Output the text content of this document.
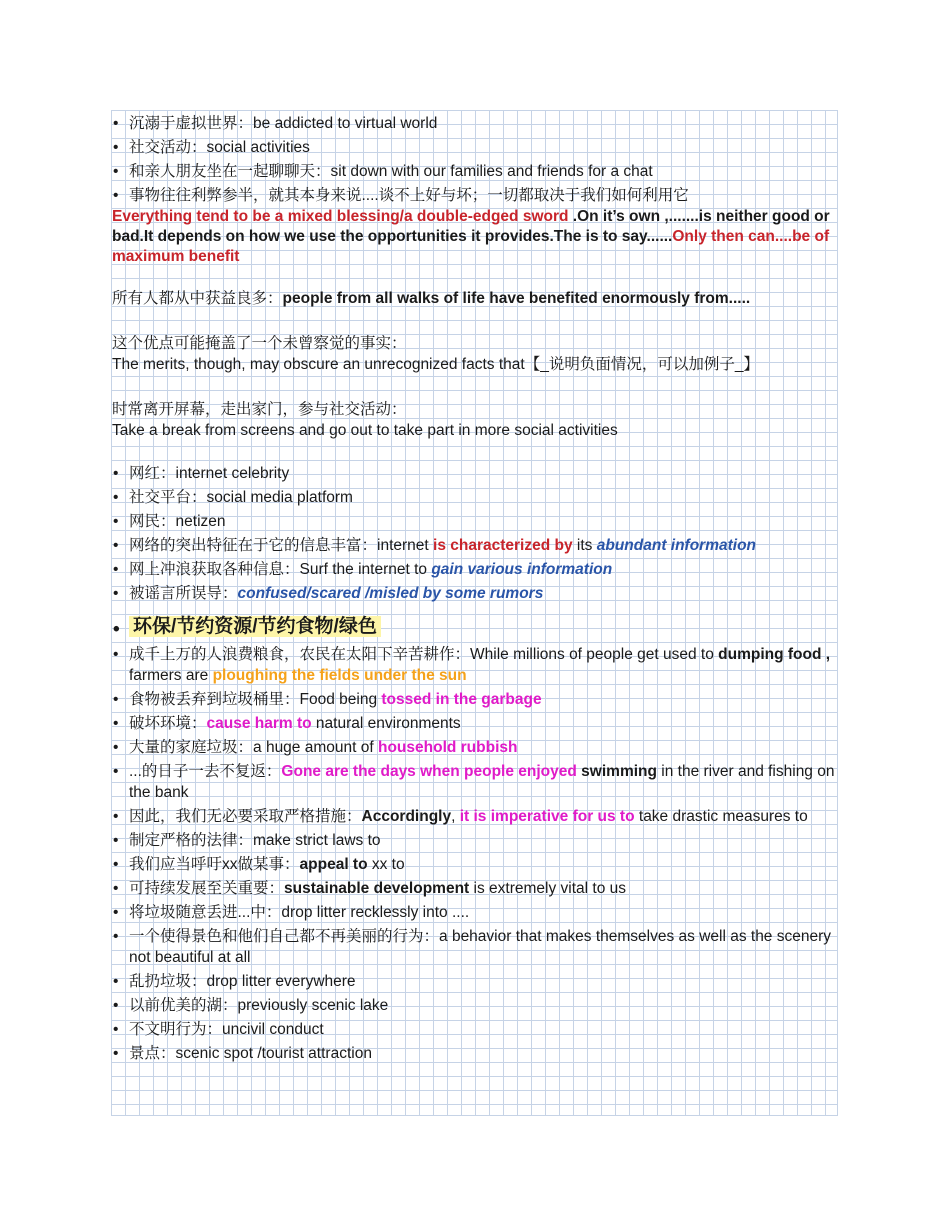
• 沉溺于虚拟世界：be addicted to virtual world
• 社交活动：social activities
• 和亲人朋友坐在一起聊聊天：sit down with our families and friends for a chat
• 事物往往利弊参半，就其本身来说....谈不上好与坏；一切都取决于我们如何利用它

Everything tend to be a mixed blessing/a double-edged sword .On it’s own ,.......is neither good or bad.It depends on how we use the opportunities it provides.The is to say......Only then can....be of maximum benefit

所有人都从中获益良多：people from all walks of life have benefited enormously from.....

这个优点可能掩盖了一个未曾察觉的事实：
The merits, though, may obscure an unrecognized facts that【_说明负面情况，可以加例子_】

时常离开屏幕，走出家门，参与社交活动：
Take a break from screens and go out to take part in more social activities

• 网红：internet celebrity
• 社交平台：social media platform
• 网民：netizen
• 网络的突出特征在于它的信息丰富：internet is characterized by its abundant information
• 网上冲浪获取各种信息：Surf the internet to gain various information
• 被谣言所误导：confused/scared /misled by some rumors
• 环保/节约资源/节约食物/绿色
• 成千上万的人浪费粮食，农民在太阳下辛苦耕作：While millions of people get used to dumping food , farmers are ploughing the fields under the sun
• 食物被丢弃到垃圾桶里：Food being tossed in the garbage
• 破坏环境：cause harm to natural environments
• 大量的家庭垃圾：a huge amount of household rubbish
• ...的日子一去不复返：Gone are the days when people enjoyed swimming in the river and fishing on the bank
• 因此，我们无必要采取严格措施：Accordingly, it is imperative for us to take drastic measures to
• 制定严格的法律：make strict laws to
• 我们应当呼吁xx做某事：appeal to xx to
• 可持续发展至关重要：sustainable development is extremely vital to us
• 将垃圾随意丢进...中：drop litter recklessly into ....
• 一个使得景色和他们自己都不再美丽的行为：a behavior that makes themselves as well as the scenery not beautiful at all
• 乱扔垃圾：drop litter everywhere
• 以前优美的湖：previously scenic lake
• 不文明行为：uncivil conduct
• 景点：scenic spot /tourist attraction
